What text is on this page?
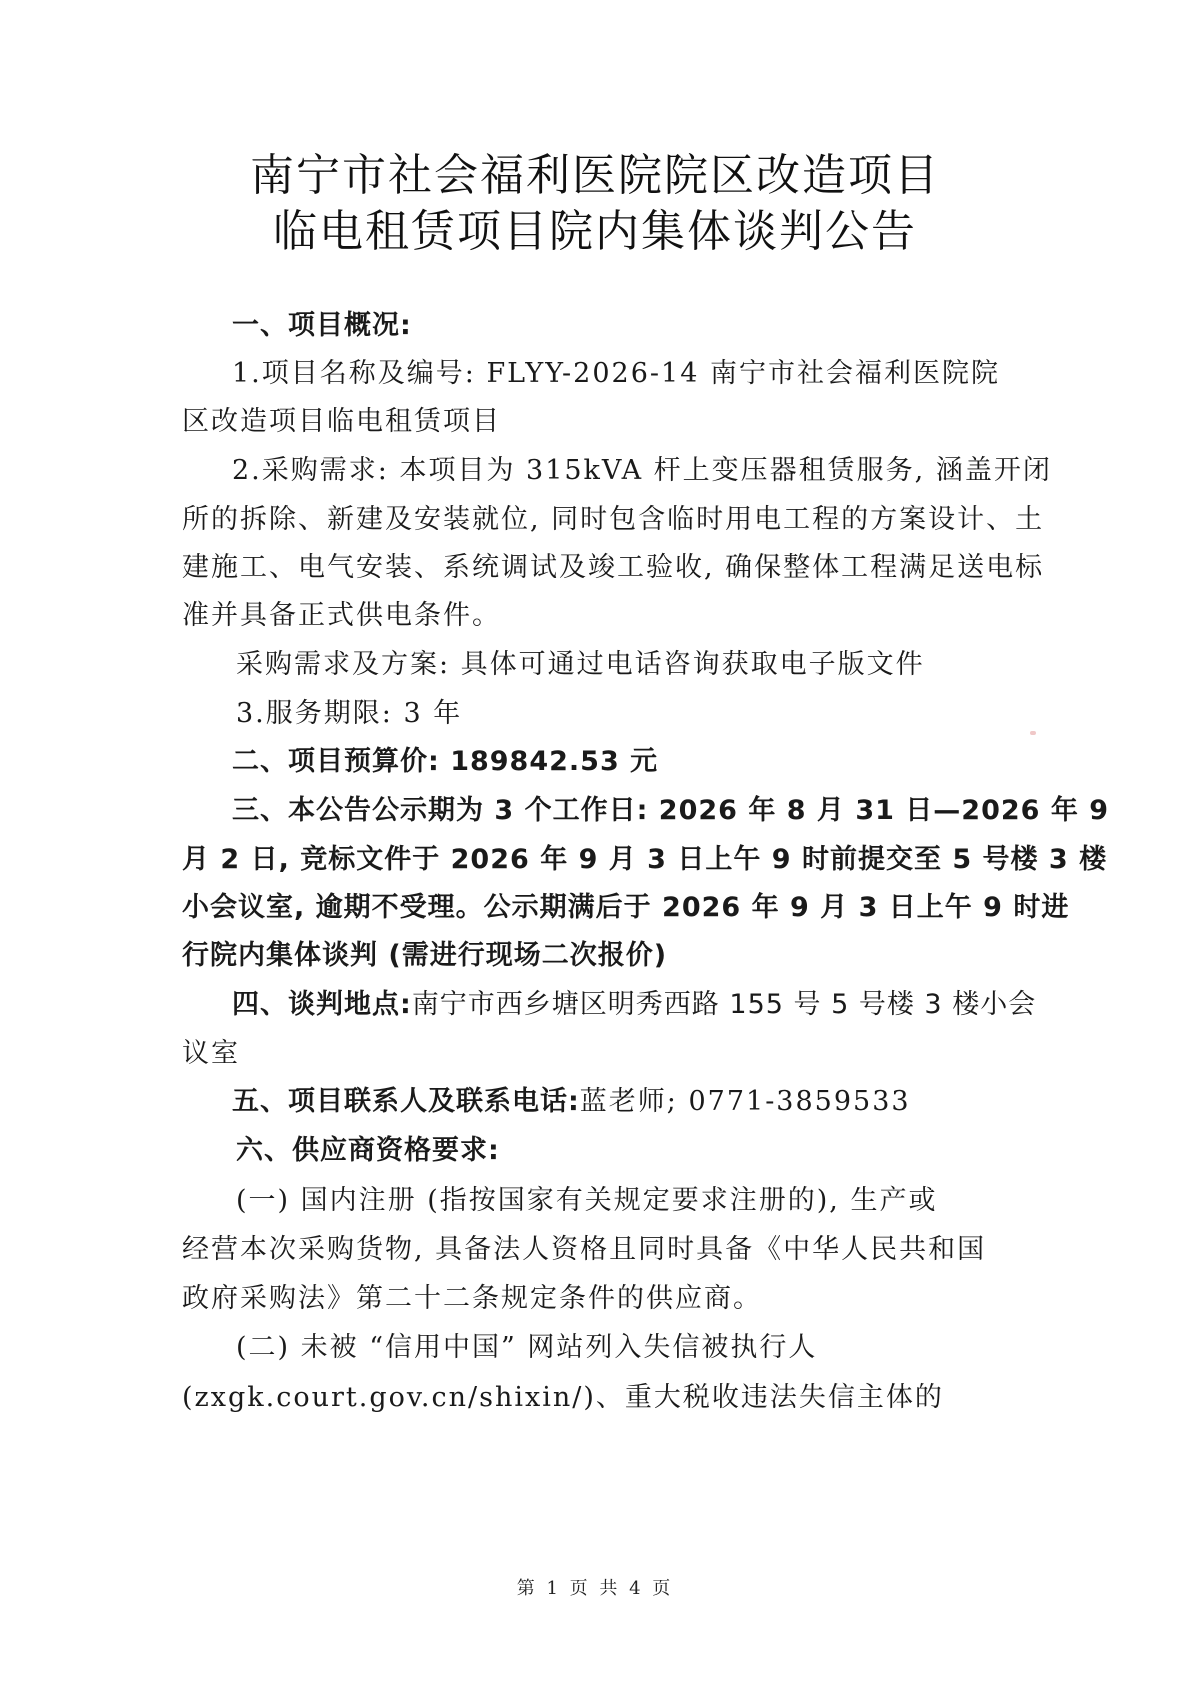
南宁市社会福利医院院区改造项目
临电租赁项目院内集体谈判公告
一、项目概况:
1.项目名称及编号: FLYY-2026-14 南宁市社会福利医院院
区改造项目临电租赁项目
2.采购需求: 本项目为 315kVA 杆上变压器租赁服务, 涵盖开闭
所的拆除、新建及安装就位, 同时包含临时用电工程的方案设计、土
建施工、电气安装、系统调试及竣工验收, 确保整体工程满足送电标
准并具备正式供电条件。
采购需求及方案: 具体可通过电话咨询获取电子版文件
3.服务期限: 3 年
二、项目预算价: 189842.53 元
三、本公告公示期为 3 个工作日: 2026 年 8 月 31 日—2026 年 9
月 2 日, 竞标文件于 2026 年 9 月 3 日上午 9 时前提交至 5 号楼 3 楼
小会议室, 逾期不受理。公示期满后于 2026 年 9 月 3 日上午 9 时进
行院内集体谈判 (需进行现场二次报价)
四、谈判地点:南宁市西乡塘区明秀西路 155 号 5 号楼 3 楼小会
议室
五、项目联系人及联系电话:蓝老师; 0771-3859533
六、供应商资格要求:
(一) 国内注册 (指按国家有关规定要求注册的), 生产或
经营本次采购货物, 具备法人资格且同时具备《中华人民共和国
政府采购法》第二十二条规定条件的供应商。
(二) 未被 “信用中国” 网站列入失信被执行人
(zxgk.court.gov.cn/shixin/)、重大税收违法失信主体的
第 1 页 共 4 页
